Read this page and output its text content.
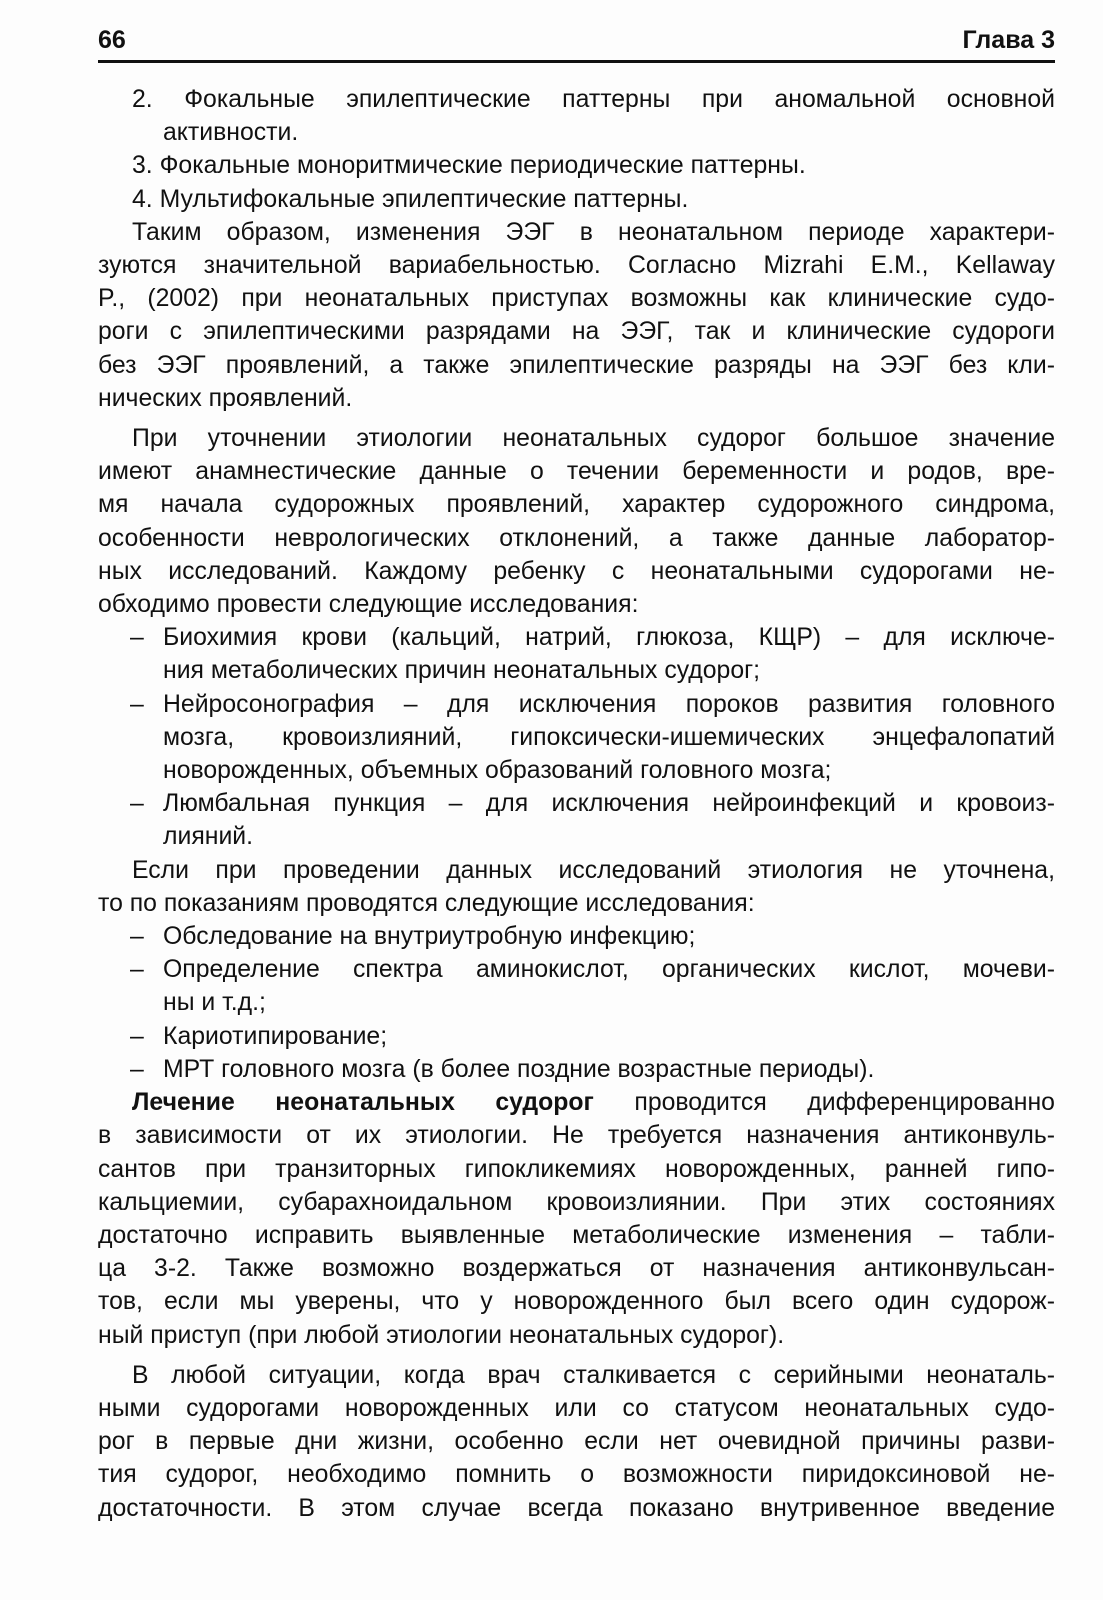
66	Глава 3
2. Фокальные эпилептические паттерны при аномальной основной
активности.
3. Фокальные моноритмические периодические паттерны.
4. Мультифокальные эпилептические паттерны.
Таким образом, изменения ЭЭГ в неонатальном периоде характери-
зуются значительной вариабельностью. Согласно Mizrahi E.M., Kellaway
P., (2002) при неонатальных приступах возможны как клинические судо-
роги с эпилептическими разрядами на ЭЭГ, так и клинические судороги
без ЭЭГ проявлений, а также эпилептические разряды на ЭЭГ без кли-
нических проявлений.
При уточнении этиологии неонатальных судорог большое значение
имеют анамнестические данные о течении беременности и родов, вре-
мя начала судорожных проявлений, характер судорожного синдрома,
особенности неврологических отклонений, а также данные лаборатор-
ных исследований. Каждому ребенку с неонатальными судорогами не-
обходимо провести следующие исследования:
– Биохимия крови (кальций, натрий, глюкоза, КЩР) – для исключе-
ния метаболических причин неонатальных судорог;
– Нейросонография – для исключения пороков развития головного
мозга, кровоизлияний, гипоксически-ишемических энцефалопатий
новорожденных, объемных образований головного мозга;
– Люмбальная пункция – для исключения нейроинфекций и кровоиз-
лияний.
Если при проведении данных исследований этиология не уточнена,
то по показаниям проводятся следующие исследования:
– Обследование на внутриутробную инфекцию;
– Определение спектра аминокислот, органических кислот, мочеви-
ны и т.д.;
– Кариотипирование;
– МРТ головного мозга (в более поздние возрастные периоды).
Лечение неонатальных судорог проводится дифференцированно
в зависимости от их этиологии. Не требуется назначения антиконвуль-
сантов при транзиторных гипокликемиях новорожденных, ранней гипо-
кальциемии, субарахноидальном кровоизлиянии. При этих состояниях
достаточно исправить выявленные метаболические изменения – табли-
ца 3-2. Также возможно воздержаться от назначения антиконвульсан-
тов, если мы уверены, что у новорожденного был всего один судорож-
ный приступ (при любой этиологии неонатальных судорог).
В любой ситуации, когда врач сталкивается с серийными неонаталь-
ными судорогами новорожденных или со статусом неонатальных судо-
рог в первые дни жизни, особенно если нет очевидной причины разви-
тия судорог, необходимо помнить о возможности пиридоксиновой не-
достаточности. В этом случае всегда показано внутривенное введение
